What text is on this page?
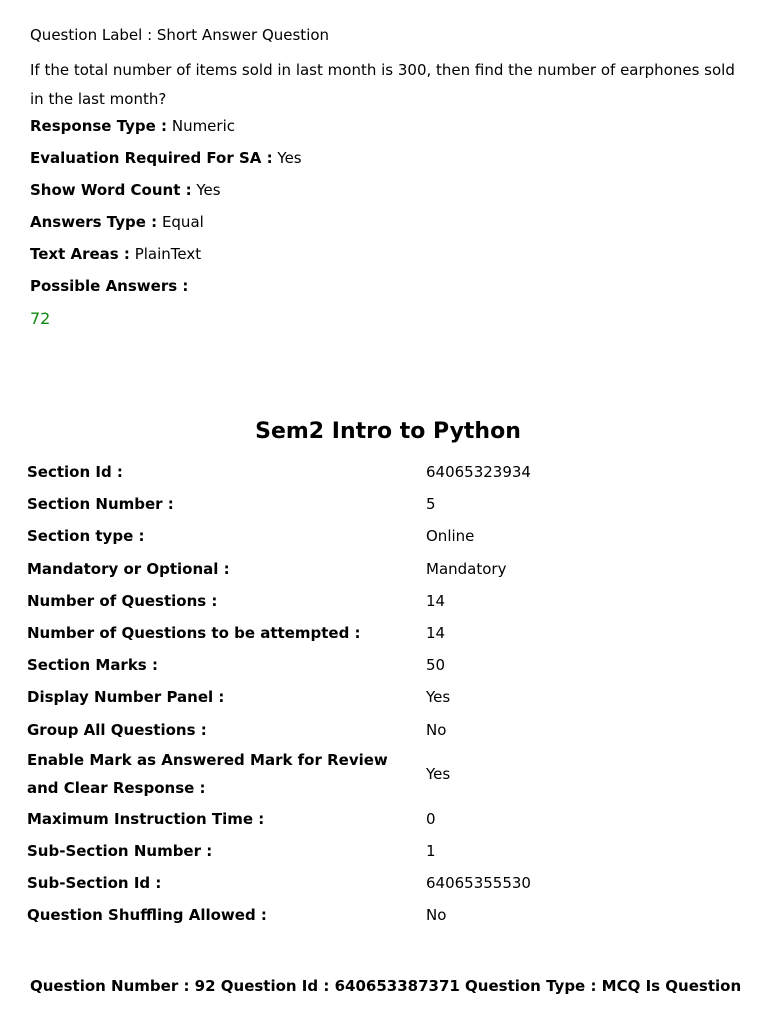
Question Label : Short Answer Question
If the total number of items sold in last month is 300, then find the number of earphones sold in the last month?
Response Type : Numeric
Evaluation Required For SA : Yes
Show Word Count : Yes
Answers Type : Equal
Text Areas : PlainText
Possible Answers :
72
Sem2 Intro to Python
Section Id :	64065323934
Section Number :	5
Section type :	Online
Mandatory or Optional :	Mandatory
Number of Questions :	14
Number of Questions to be attempted :	14
Section Marks :	50
Display Number Panel :	Yes
Group All Questions :	No
Enable Mark as Answered Mark for Review and Clear Response :	Yes
Maximum Instruction Time :	0
Sub-Section Number :	1
Sub-Section Id :	64065355530
Question Shuffling Allowed :	No
Question Number : 92 Question Id : 640653387371 Question Type : MCQ Is Question
